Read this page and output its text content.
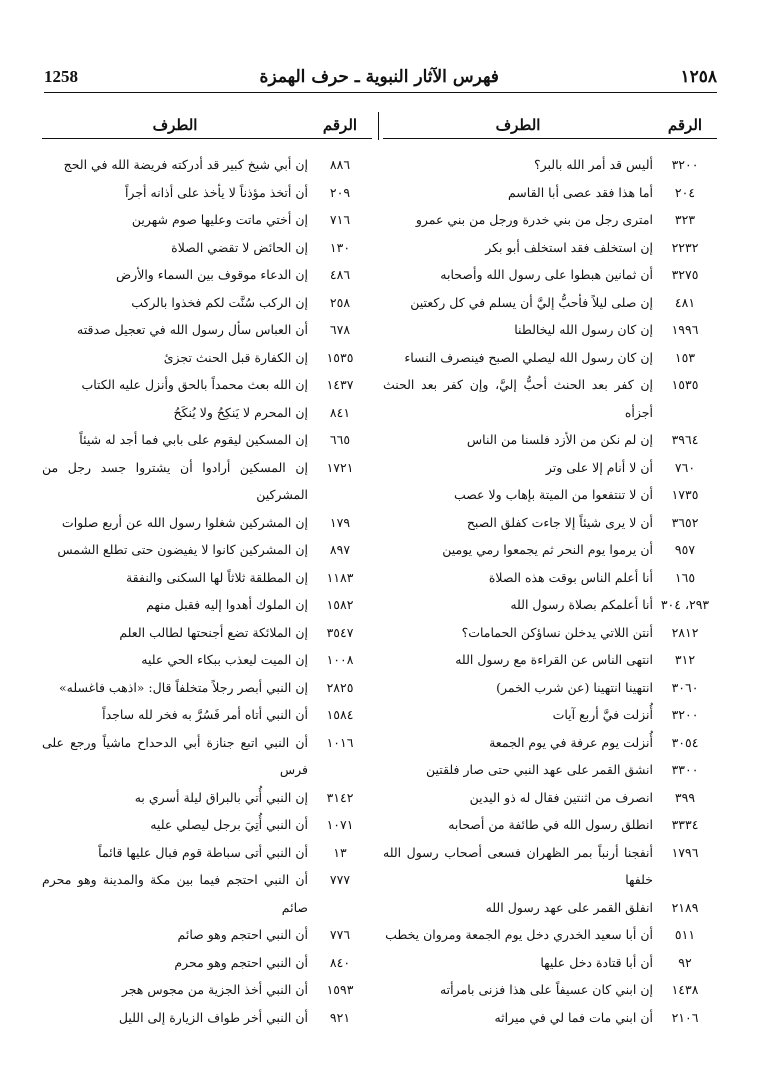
1258	فهرس الآثار النبوية ـ حرف الهمزة	١٢٥٨
الرقم
الطرف
الرقم
الطرف
٣٢٠٠
أليس قد أمر الله بالبر؟
٢٠٤
أما هذا فقد عصى أبا القاسم
٣٢٣
امترى رجل من بني خدرة ورجل من بني عمرو
٢٢٣٢
إن استخلف فقد استخلف أبو بكر
٣٢٧٥
أن ثمانين هبطوا على رسول الله وأصحابه
٤٨١
إن صلى ليلاً فأحبُّ إليَّ أن يسلم في كل ركعتين
١٩٩٦
إن كان رسول الله ليخالطنا
١٥٣
إن كان رسول الله ليصلي الصبح فينصرف النساء
١٥٣٥
إن كفر بعد الحنث أحبُّ إليَّ، وإن كفر بعد الحنث أجزأه
٣٩٦٤
إن لم نكن من الأزد فلسنا من الناس
٧٦٠
أن لا أنام إلا على وتر
١٧٣٥
أن لا تنتفعوا من الميتة بإهاب ولا عصب
٣٦٥٢
أن لا يرى شيئاً إلا جاءت كفلق الصبح
٩٥٧
أن يرموا يوم النحر ثم يجمعوا رمي يومين
١٦٥
أنا أعلم الناس بوقت هذه الصلاة
٢٩٣، ٣٠٤
أنا أعلمكم بصلاة رسول الله
٢٨١٢
أنتن اللاتي يدخلن نساؤكن الحمامات؟
٣١٢
انتهى الناس عن القراءة مع رسول الله
٣٠٦٠
انتهينا انتهينا (عن شرب الخمر)
٣٢٠٠
أُنزلت فيَّ أربع آيات
٣٠٥٤
أُنزلت يوم عرفة في يوم الجمعة
٣٣٠٠
انشق القمر على عهد النبي حتى صار فلقتين
٣٩٩
انصرف من اثنتين فقال له ذو اليدين
٣٣٣٤
انطلق رسول الله في طائفة من أصحابه
١٧٩٦
أنفجنا أرنباً بمر الظهران فسعى أصحاب رسول الله خلفها
٢١٨٩
انفلق القمر على عهد رسول الله
٥١١
أن أبا سعيد الخدري دخل يوم الجمعة ومروان يخطب
٩٢
أن أبا قتادة دخل عليها
١٤٣٨
إن ابني كان عسيفاً على هذا فزنى بامرأته
٢١٠٦
أن ابني مات فما لي في ميراثه
٨٨٦
إن أبي شيخ كبير قد أدركته فريضة الله في الحج
٢٠٩
أن أتخذ مؤذناً لا يأخذ على أذانه أجراً
٧١٦
إن أختي ماتت وعليها صوم شهرين
١٣٠
إن الحائض لا تقضي الصلاة
٤٨٦
إن الدعاء موقوف بين السماء والأرض
٢٥٨
إن الركب سُنَّت لكم فخذوا بالركب
٦٧٨
أن العباس سأل رسول الله في تعجيل صدقته
١٥٣٥
إن الكفارة قبل الحنث تجزئ
١٤٣٧
إن الله بعث محمداً بالحق وأنزل عليه الكتاب
٨٤١
إن المحرم لا يَنكِحُ ولا يُنكَحُ
٦٦٥
إن المسكين ليقوم على بابي فما أجد له شيئاً
١٧٢١
إن المسكين أرادوا أن يشتروا جسد رجل من المشركين
١٧٩
إن المشركين شغلوا رسول الله عن أربع صلوات
٨٩٧
إن المشركين كانوا لا يفيضون حتى تطلع الشمس
١١٨٣
إن المطلقة ثلاثاً لها السكنى والنفقة
١٥٨٢
إن الملوك أهدوا إليه فقبل منهم
٣٥٤٧
إن الملائكة تضع أجنحتها لطالب العلم
١٠٠٨
إن الميت ليعذب ببكاء الحي عليه
٢٨٢٥
إن النبي أبصر رجلاً متخلفاً قال: «اذهب فاغسله»
١٥٨٤
أن النبي أتاه أمر فَسُرَّ به فخر لله ساجداً
١٠١٦
أن النبي اتبع جنازة أبي الدحداح ماشياً ورجع على فرس
٣١٤٢
إن النبي أُتي بالبراق ليلة أسري به
١٠٧١
أن النبي أُتِيَ برجل ليصلي عليه
١٣
أن النبي أتى سباطة قوم فبال عليها قائماً
٧٧٧
أن النبي احتجم فيما بين مكة والمدينة وهو محرم صائم
٧٧٦
أن النبي احتجم وهو صائم
٨٤٠
أن النبي احتجم وهو محرم
١٥٩٣
أن النبي أخذ الجزية من مجوس هجر
٩٢١
أن النبي أخر طواف الزيارة إلى الليل
